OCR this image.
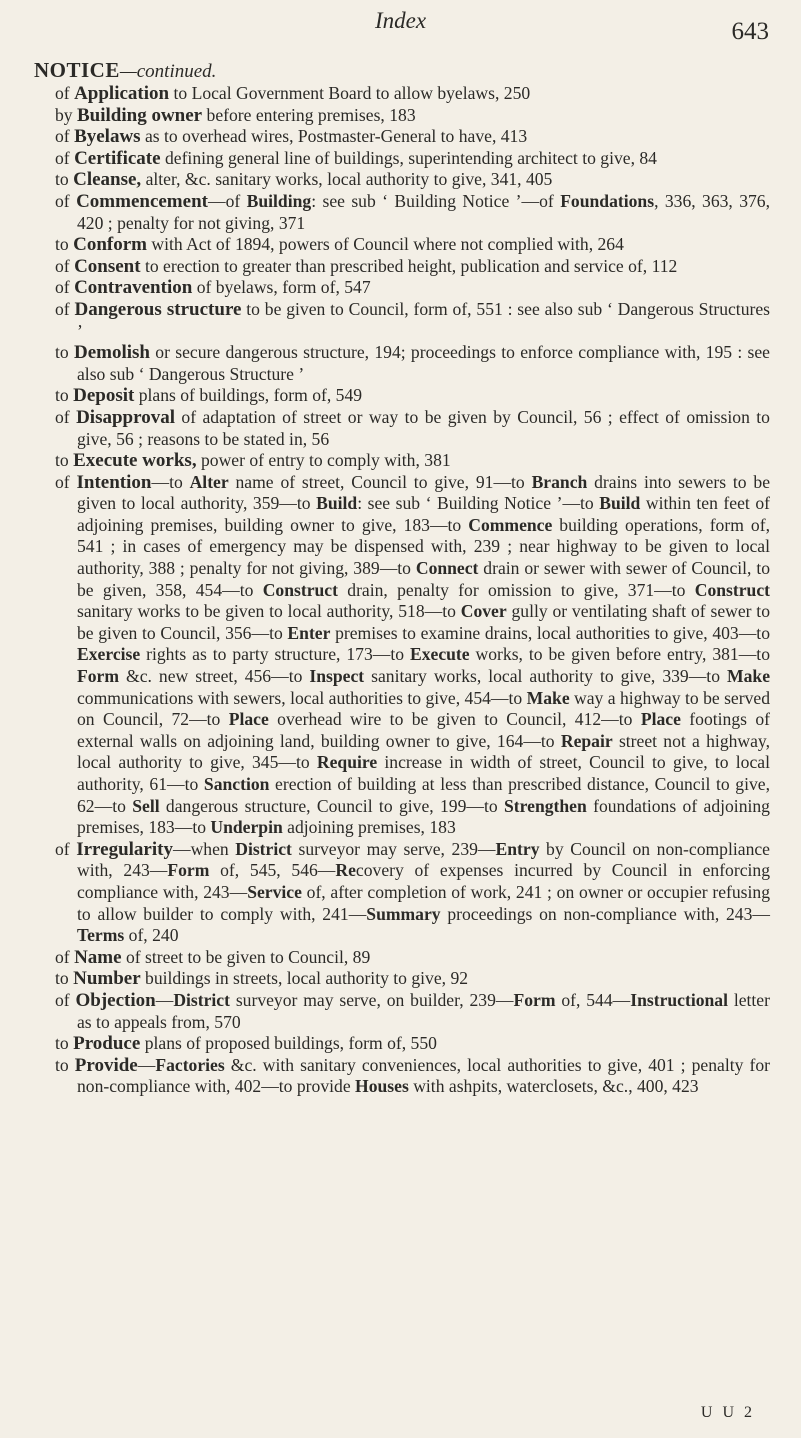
Index	643
NOTICE—continued.
of Application to Local Government Board to allow byelaws, 250
by Building owner before entering premises, 183
of Byelaws as to overhead wires, Postmaster-General to have, 413
of Certificate defining general line of buildings, superintending architect to give, 84
to Cleanse, alter, &c. sanitary works, local authority to give, 341, 405
of Commencement—of Building: see sub ‘ Building Notice ’—of Foundations, 336, 363, 376, 420 ; penalty for not giving, 371
to Conform with Act of 1894, powers of Council where not complied with, 264
of Consent to erection to greater than prescribed height, publication and service of, 112
of Contravention of byelaws, form of, 547
of Dangerous structure to be given to Council, form of, 551 : see also sub ‘ Dangerous Structures ’
to Demolish or secure dangerous structure, 194; proceedings to enforce compliance with, 195 : see also sub ‘ Dangerous Structure ’
to Deposit plans of buildings, form of, 549
of Disapproval of adaptation of street or way to be given by Council, 56 ; effect of omission to give, 56 ; reasons to be stated in, 56
to Execute works, power of entry to comply with, 381
of Intention—to Alter name of street, Council to give, 91—to Branch drains into sewers to be given to local authority, 359—to Build: see sub ‘ Building Notice ’—to Build within ten feet of adjoining premises, building owner to give, 183—to Commence building operations, form of, 541 ; in cases of emergency may be dispensed with, 239 ; near highway to be given to local authority, 388 ; penalty for not giving, 389—to Connect drain or sewer with sewer of Council, to be given, 358, 454—to Construct drain, penalty for omission to give, 371—to Construct sanitary works to be given to local authority, 518—to Cover gully or ventilating shaft of sewer to be given to Council, 356—to Enter premises to examine drains, local authorities to give, 403—to Exercise rights as to party structure, 173—to Execute works, to be given before entry, 381—to Form &c. new street, 456—to Inspect sanitary works, local authority to give, 339—to Make communications with sewers, local authorities to give, 454—to Make way a highway to be served on Council, 72—to Place overhead wire to be given to Council, 412—to Place footings of external walls on adjoining land, building owner to give, 164—to Repair street not a highway, local authority to give, 345—to Require increase in width of street, Council to give, to local authority, 61—to Sanction erection of building at less than prescribed distance, Council to give, 62—to Sell dangerous structure, Council to give, 199—to Strengthen foundations of adjoining premises, 183—to Underpin adjoining premises, 183
of Irregularity—when District surveyor may serve, 239—Entry by Council on non-compliance with, 243—Form of, 545, 546—Recovery of expenses incurred by Council in enforcing compliance with, 243—Service of, after completion of work, 241 ; on owner or occupier refusing to allow builder to comply with, 241—Summary proceedings on non-compliance with, 243—Terms of, 240
of Name of street to be given to Council, 89
to Number buildings in streets, local authority to give, 92
of Objection—District surveyor may serve, on builder, 239—Form of, 544—Instructional letter as to appeals from, 570
to Produce plans of proposed buildings, form of, 550
to Provide—Factories &c. with sanitary conveniences, local authorities to give, 401 ; penalty for non-compliance with, 402—to provide Houses with ashpits, waterclosets, &c., 400, 423
U U 2
